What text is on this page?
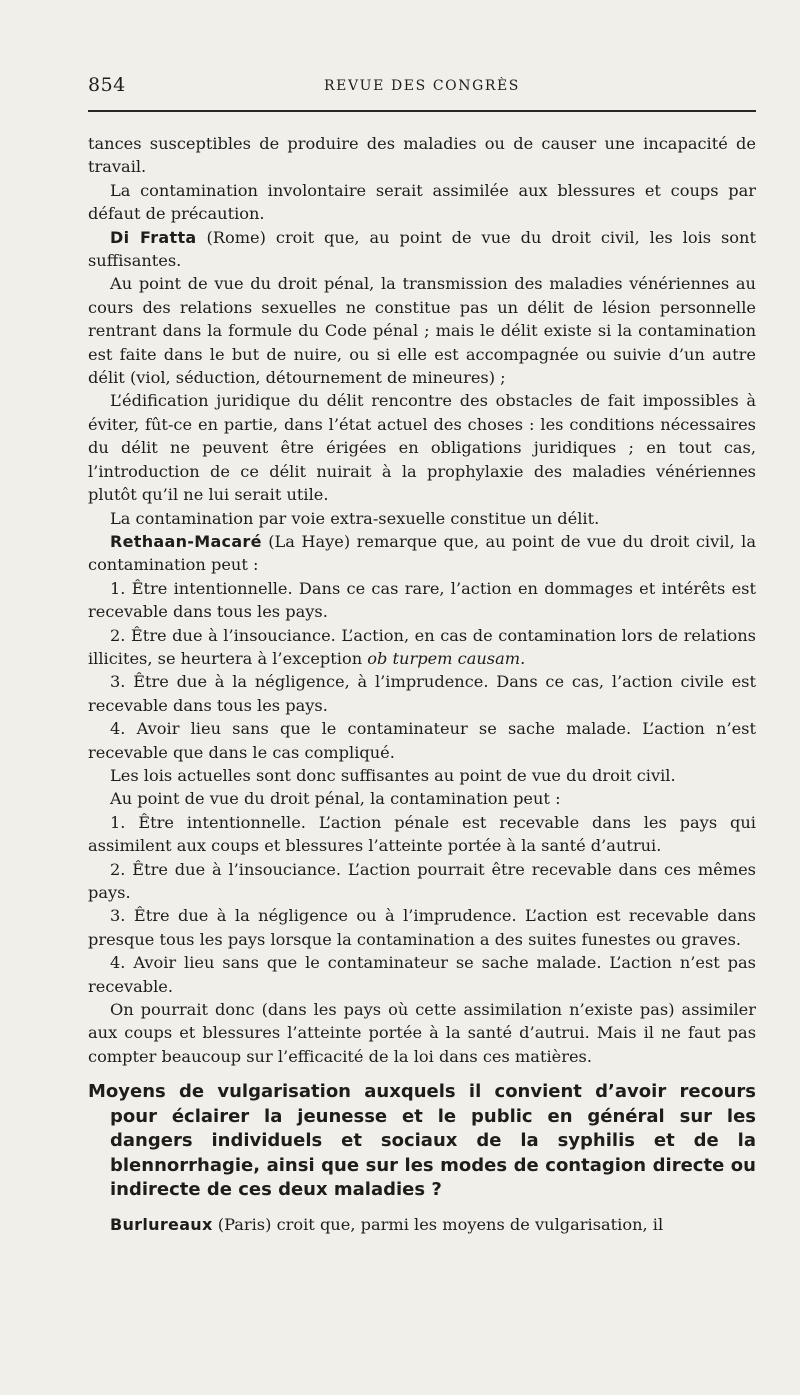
854	REVUE DES CONGRÈS

tances susceptibles de produire des maladies ou de causer une incapacité de travail.

La contamination involontaire serait assimilée aux blessures et coups par défaut de précaution.

Di Fratta (Rome) croit que, au point de vue du droit civil, les lois sont suffisantes.

Au point de vue du droit pénal, la transmission des maladies vénériennes au cours des relations sexuelles ne constitue pas un délit de lésion personnelle rentrant dans la formule du Code pénal ; mais le délit existe si la contamination est faite dans le but de nuire, ou si elle est accompagnée ou suivie d’un autre délit (viol, séduction, détournement de mineures) ;

L’édification juridique du délit rencontre des obstacles de fait impossibles à éviter, fût-ce en partie, dans l’état actuel des choses : les conditions nécessaires du délit ne peuvent être érigées en obligations juridiques ; en tout cas, l’introduction de ce délit nuirait à la prophylaxie des maladies vénériennes plutôt qu’il ne lui serait utile.

La contamination par voie extra-sexuelle constitue un délit.

Rethaan-Macaré (La Haye) remarque que, au point de vue du droit civil, la contamination peut :

1. Être intentionnelle. Dans ce cas rare, l’action en dommages et intérêts est recevable dans tous les pays.

2. Être due à l’insouciance. L’action, en cas de contamination lors de relations illicites, se heurtera à l’exception ob turpem causam.

3. Être due à la négligence, à l’imprudence. Dans ce cas, l’action civile est recevable dans tous les pays.

4. Avoir lieu sans que le contaminateur se sache malade. L’action n’est recevable que dans le cas compliqué.

Les lois actuelles sont donc suffisantes au point de vue du droit civil.

Au point de vue du droit pénal, la contamination peut :

1. Être intentionnelle. L’action pénale est recevable dans les pays qui assimilent aux coups et blessures l’atteinte portée à la santé d’autrui.

2. Être due à l’insouciance. L’action pourrait être recevable dans ces mêmes pays.

3. Être due à la négligence ou à l’imprudence. L’action est recevable dans presque tous les pays lorsque la contamination a des suites funestes ou graves.

4. Avoir lieu sans que le contaminateur se sache malade. L’action n’est pas recevable.

On pourrait donc (dans les pays où cette assimilation n’existe pas) assimiler aux coups et blessures l’atteinte portée à la santé d’autrui. Mais il ne faut pas compter beaucoup sur l’efficacité de la loi dans ces matières.

Moyens de vulgarisation auxquels il convient d’avoir recours pour éclairer la jeunesse et le public en général sur les dangers individuels et sociaux de la syphilis et de la blennorrhagie, ainsi que sur les modes de contagion directe ou indirecte de ces deux maladies ?

Burlureaux (Paris) croit que, parmi les moyens de vulgarisation, il
